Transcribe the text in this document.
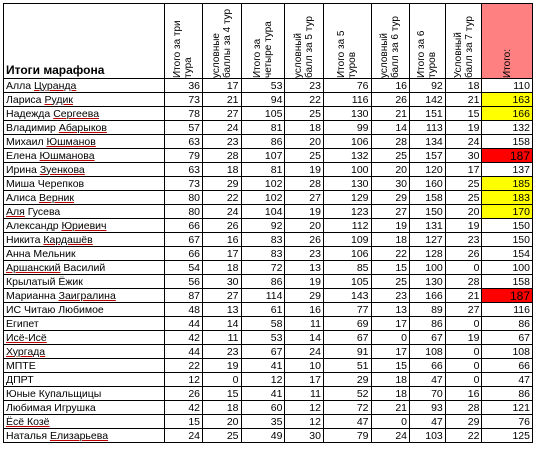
Итоги марафона	Итого за три тура	условные баллы за 4 тур	Итого за четыре тура	условный балл за 5 тур	Итого за 5 туров	условный балл за 6 тур	Итого за 6 туров	Условный балл за 7 тур	Итого:

Алла Цуранда	36	17	53	23	76	16	92	18	110
Лариса Рудик	73	21	94	22	116	26	142	21	163
Надежда Сергеева	78	27	105	25	130	21	151	15	166
Владимир Абарыков	57	24	81	18	99	14	113	19	132
Михаил Юшманов	63	23	86	20	106	28	134	24	158
Елена Юшманова	79	28	107	25	132	25	157	30	187
Ирина Зуенкова	63	18	81	19	100	20	120	17	137
Миша Черепков	73	29	102	28	130	30	160	25	185
Алиса Верник	80	22	102	27	129	29	158	25	183
Аля Гусева	80	24	104	19	123	27	150	20	170
Александр Юриевич	66	26	92	20	112	19	131	19	150
Никита Кардашёв	67	16	83	26	109	18	127	23	150
Анна Мельник	66	17	83	23	106	22	128	26	154
Аршанский Василий	54	18	72	13	85	15	100	0	100
Крылатый Ёжик	56	30	86	19	105	25	130	28	158
Марианна Заигралина	87	27	114	29	143	23	166	21	187
ИС Читаю Любимое	48	13	61	16	77	13	89	27	116
Египет	44	14	58	11	69	17	86	0	86
Исё-Исё	42	11	53	14	67	0	67	19	67
Хургада	44	23	67	24	91	17	108	0	108
МПТЕ	22	19	41	10	51	15	66	0	66
ДПРТ	12	0	12	17	29	18	47	0	47
Юные Купальщицы	26	15	41	11	52	18	70	16	86
Любимая Игрушка	42	18	60	12	72	21	93	28	121
Ёсё Козё	15	20	35	12	47	0	47	29	76
Наталья Елизарьева	24	25	49	30	79	24	103	22	125
